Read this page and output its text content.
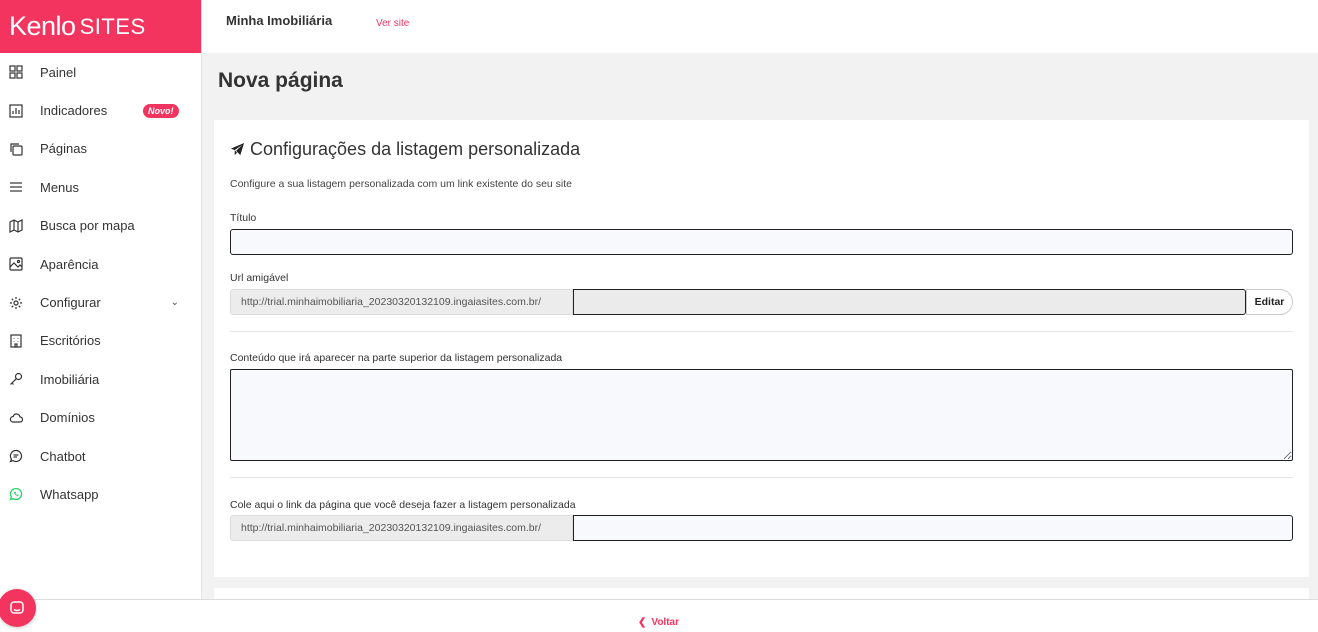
Kenlo SITES
Painel
Indicadores	Novo!
Páginas
Menus
Busca por mapa
Aparência
Configurar	⌄
Escritórios
Imobiliária
Domínios
Chatbot
Whatsapp
Minha Imobiliária	Ver site
Nova página
Configurações da listagem personalizada

Configure a sua listagem personalizada com um link existente do seu site

Título
Url amigável
http://trial.minhaimobiliaria_20230320132109.ingaiasites.com.br/	Editar
Conteúdo que irá aparecer na parte superior da listagem personalizada
Cole aqui o link da página que você deseja fazer a listagem personalizada
http://trial.minhaimobiliaria_20230320132109.ingaiasites.com.br/
❮ Voltar
